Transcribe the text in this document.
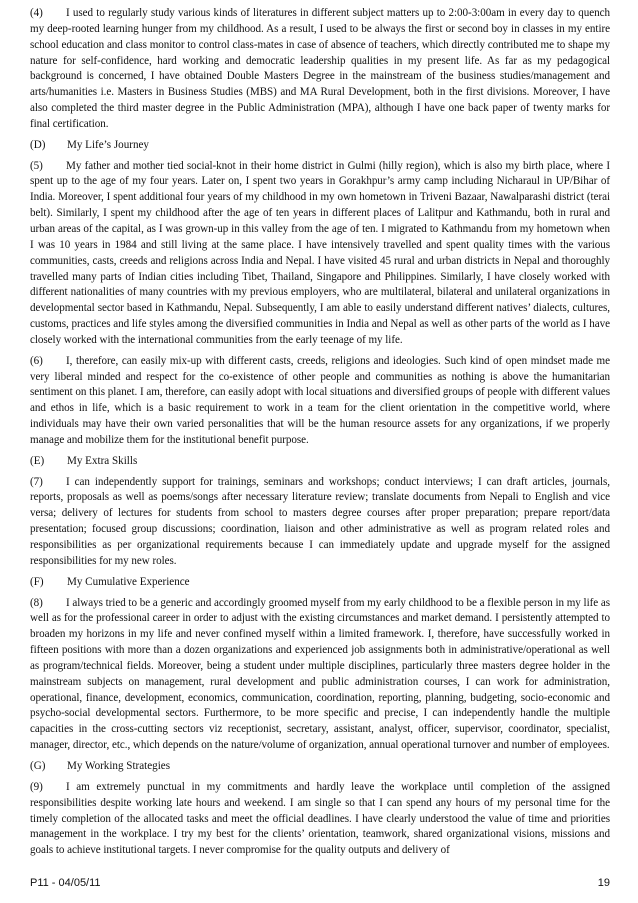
(4) I used to regularly study various kinds of literatures in different subject matters up to 2:00-3:00am in every day to quench my deep-rooted learning hunger from my childhood. As a result, I used to be always the first or second boy in classes in my entire school education and class monitor to control class-mates in case of absence of teachers, which directly contributed me to shape my nature for self-confidence, hard working and democratic leadership qualities in my present life. As far as my pedagogical background is concerned, I have obtained Double Masters Degree in the mainstream of the business studies/management and arts/humanities i.e. Masters in Business Studies (MBS) and MA Rural Development, both in the first divisions. Moreover, I have also completed the third master degree in the Public Administration (MPA), although I have one back paper of twenty marks for final certification.

(D) My Life’s Journey

(5) My father and mother tied social-knot in their home district in Gulmi (hilly region), which is also my birth place, where I spent up to the age of my four years. Later on, I spent two years in Gorakhpur’s army camp including Nicharaul in UP/Bihar of India. Moreover, I spent additional four years of my childhood in my own hometown in Triveni Bazaar, Nawalparashi district (terai belt). Similarly, I spent my childhood after the age of ten years in different places of Lalitpur and Kathmandu, both in rural and urban areas of the capital, as I was grown-up in this valley from the age of ten. I migrated to Kathmandu from my hometown when I was 10 years in 1984 and still living at the same place. I have intensively travelled and spent quality times with the various communities, casts, creeds and religions across India and Nepal. I have visited 45 rural and urban districts in Nepal and thoroughly travelled many parts of Indian cities including Tibet, Thailand, Singapore and Philippines. Similarly, I have closely worked with different nationalities of many countries with my previous employers, who are multilateral, bilateral and unilateral organizations in developmental sector based in Kathmandu, Nepal. Subsequently, I am able to easily understand different natives’ dialects, cultures, customs, practices and life styles among the diversified communities in India and Nepal as well as other parts of the world as I have closely worked with the international communities from the early teenage of my life.

(6) I, therefore, can easily mix-up with different casts, creeds, religions and ideologies. Such kind of open mindset made me very liberal minded and respect for the co-existence of other people and communities as nothing is above the humanitarian sentiment on this planet. I am, therefore, can easily adopt with local situations and diversified groups of people with different values and ethos in life, which is a basic requirement to work in a team for the client orientation in the competitive world, where individuals may have their own varied personalities that will be the human resource assets for any organizations, if we properly manage and mobilize them for the institutional benefit purpose.

(E) My Extra Skills

(7) I can independently support for trainings, seminars and workshops; conduct interviews; I can draft articles, journals, reports, proposals as well as poems/songs after necessary literature review; translate documents from Nepali to English and vice versa; delivery of lectures for students from school to masters degree courses after proper preparation; prepare report/data presentation; focused group discussions; coordination, liaison and other administrative as well as program related roles and responsibilities as per organizational requirements because I can immediately update and upgrade myself for the assigned responsibilities for my new roles.

(F) My Cumulative Experience

(8) I always tried to be a generic and accordingly groomed myself from my early childhood to be a flexible person in my life as well as for the professional career in order to adjust with the existing circumstances and market demand. I persistently attempted to broaden my horizons in my life and never confined myself within a limited framework. I, therefore, have successfully worked in fifteen positions with more than a dozen organizations and experienced job assignments both in administrative/operational as well as program/technical fields. Moreover, being a student under multiple disciplines, particularly three masters degree holder in the mainstream subjects on management, rural development and public administration courses, I can work for administration, operational, finance, development, economics, communication, coordination, reporting, planning, budgeting, socio-economic and psycho-social developmental sectors. Furthermore, to be more specific and precise, I can independently handle the multiple capacities in the cross-cutting sectors viz receptionist, secretary, assistant, analyst, officer, supervisor, coordinator, specialist, manager, director, etc., which depends on the nature/volume of organization, annual operational turnover and number of employees.

(G) My Working Strategies

(9) I am extremely punctual in my commitments and hardly leave the workplace until completion of the assigned responsibilities despite working late hours and weekend. I am single so that I can spend any hours of my personal time for the timely completion of the allocated tasks and meet the official deadlines. I have clearly understood the value of time and priorities management in the workplace. I try my best for the clients’ orientation, teamwork, shared organizational visions, missions and goals to achieve institutional targets. I never compromise for the quality outputs and delivery of

P11 - 04/05/11	19
